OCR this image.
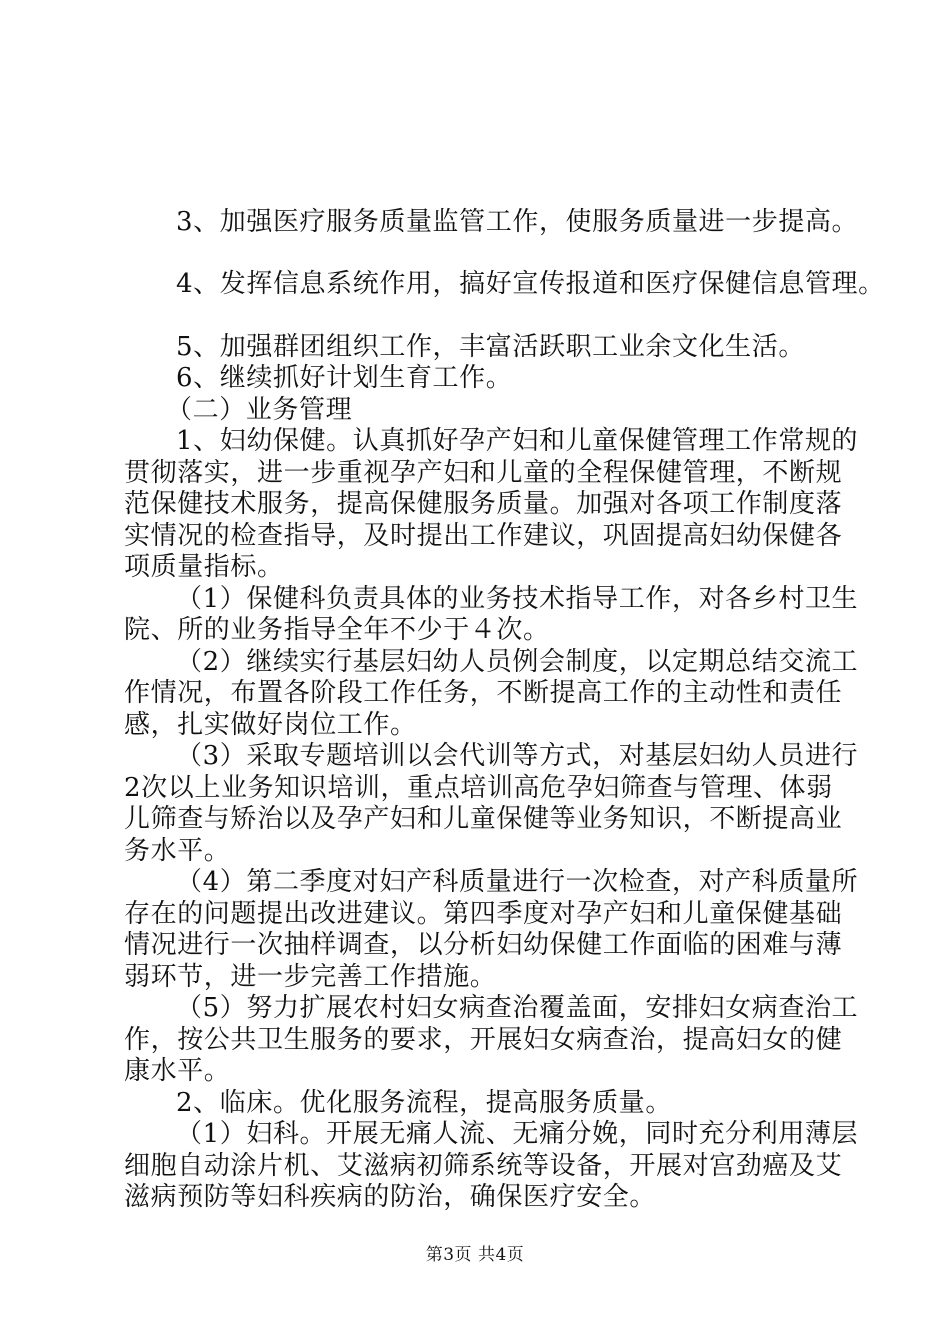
3、加强医疗服务质量监管工作，使服务质量进一步提高。

4、发挥信息系统作用，搞好宣传报道和医疗保健信息管理。

5、加强群团组织工作，丰富活跃职工业余文化生活。

6、继续抓好计划生育工作。

（二）业务管理

1、妇幼保健。认真抓好孕产妇和儿童保健管理工作常规的

贯彻落实，进一步重视孕产妇和儿童的全程保健管理，不断规

范保健技术服务，提高保健服务质量。加强对各项工作制度落

实情况的检查指导，及时提出工作建议，巩固提高妇幼保健各

项质量指标。

（1）保健科负责具体的业务技术指导工作，对各乡村卫生

院、所的业务指导全年不少于４次。

（2）继续实行基层妇幼人员例会制度，以定期总结交流工

作情况，布置各阶段工作任务，不断提高工作的主动性和责任

感，扎实做好岗位工作。

（3）采取专题培训以会代训等方式，对基层妇幼人员进行

2次以上业务知识培训，重点培训高危孕妇筛查与管理、体弱

儿筛查与矫治以及孕产妇和儿童保健等业务知识，不断提高业

务水平。

（4）第二季度对妇产科质量进行一次检查，对产科质量所

存在的问题提出改进建议。第四季度对孕产妇和儿童保健基础

情况进行一次抽样调查，以分析妇幼保健工作面临的困难与薄

弱环节，进一步完善工作措施。

（5）努力扩展农村妇女病查治覆盖面，安排妇女病查治工

作，按公共卫生服务的要求，开展妇女病查治，提高妇女的健

康水平。

2、临床。优化服务流程，提高服务质量。

（1）妇科。开展无痛人流、无痛分娩，同时充分利用薄层

细胞自动涂片机、艾滋病初筛系统等设备，开展对宫劲癌及艾

滋病预防等妇科疾病的防治，确保医疗安全。

第3页 共4页
